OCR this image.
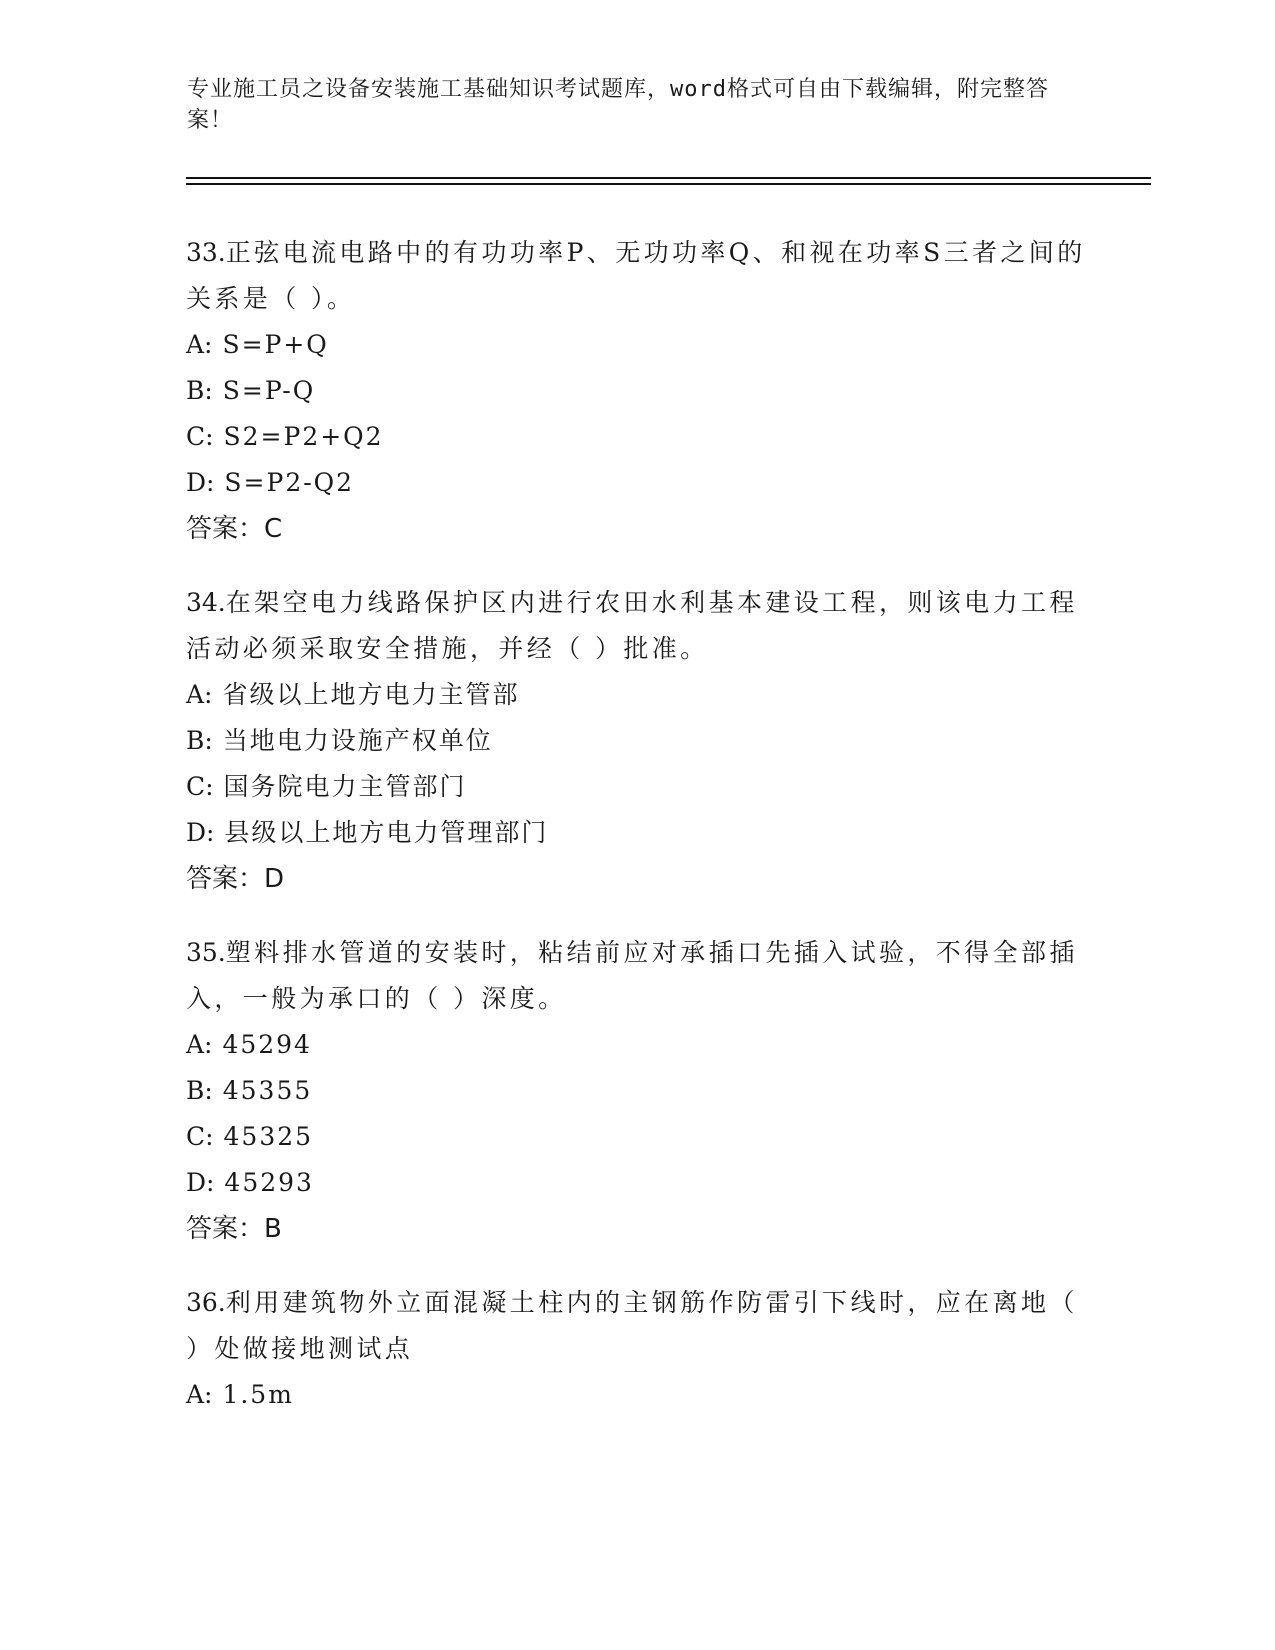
专业施工员之设备安装施工基础知识考试题库，word格式可自由下载编辑，附完整答案！

33.正弦电流电路中的有功功率P、无功功率Q、和视在功率S三者之间的关系是（ ）。

A: S=P+Q

B: S=P-Q

C: S2=P2+Q2

D: S=P2-Q2

答案：C

34.在架空电力线路保护区内进行农田水利基本建设工程，则该电力工程活动必须采取安全措施，并经（ ）批准。

A: 省级以上地方电力主管部

B: 当地电力设施产权单位

C: 国务院电力主管部门

D: 县级以上地方电力管理部门

答案：D

35.塑料排水管道的安装时，粘结前应对承插口先插入试验，不得全部插入，一般为承口的（ ）深度。

A: 45294

B: 45355

C: 45325

D: 45293

答案：B

36.利用建筑物外立面混凝土柱内的主钢筋作防雷引下线时，应在离地（ ）处做接地测试点

A: 1.5m
